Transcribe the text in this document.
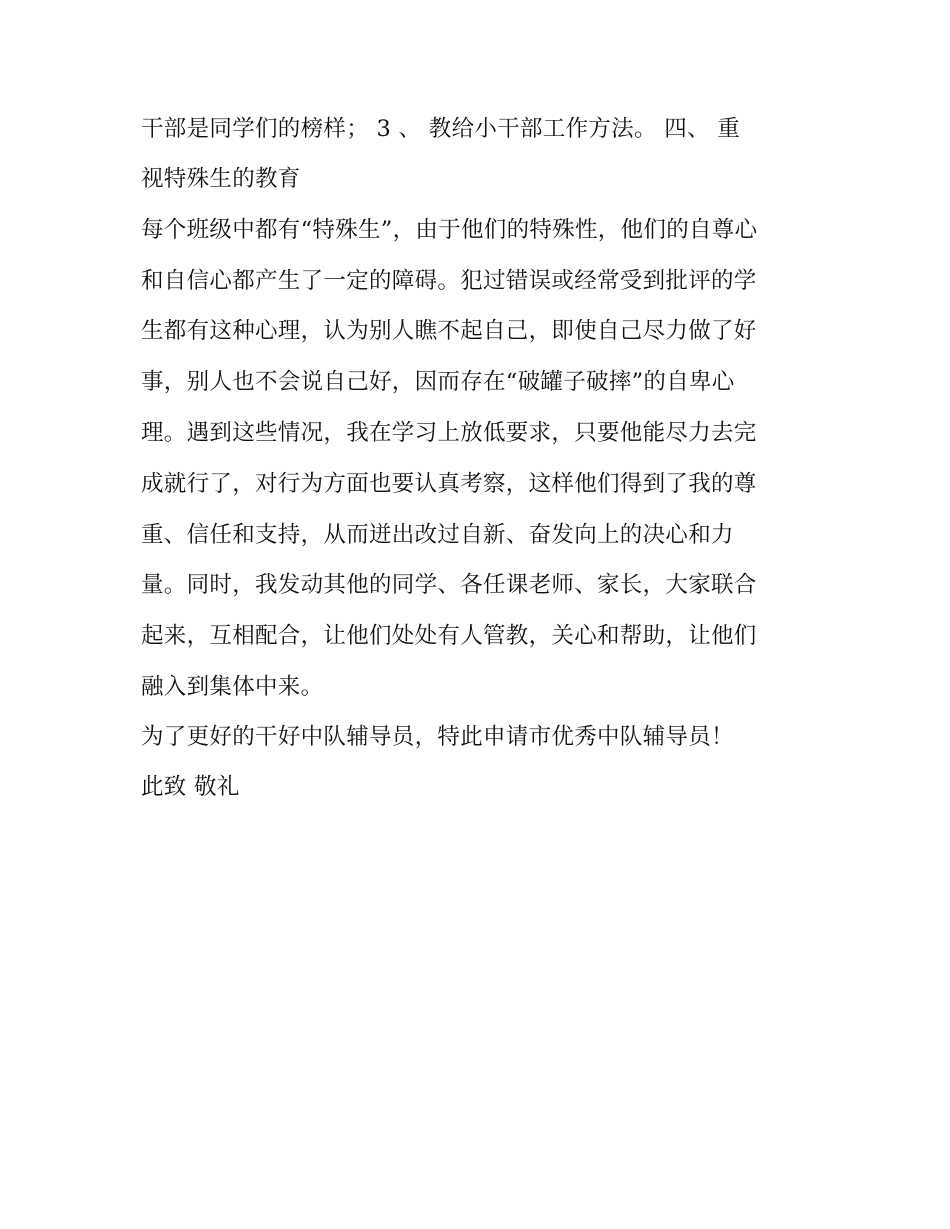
干部是同学们的榜样； 3 、 教给小干部工作方法。 四、 重
视特殊生的教育
每个班级中都有“特殊生”，由于他们的特殊性，他们的自尊心
和自信心都产生了一定的障碍。犯过错误或经常受到批评的学
生都有这种心理，认为别人瞧不起自己，即使自己尽力做了好
事，别人也不会说自己好，因而存在“破罐子破摔”的自卑心
理。遇到这些情况，我在学习上放低要求，只要他能尽力去完
成就行了，对行为方面也要认真考察，这样他们得到了我的尊
重、信任和支持，从而迸出改过自新、奋发向上的决心和力
量。同时，我发动其他的同学、各任课老师、家长，大家联合
起来，互相配合，让他们处处有人管教，关心和帮助，让他们
融入到集体中来。
为了更好的干好中队辅导员，特此申请市优秀中队辅导员！
此致 敬礼
